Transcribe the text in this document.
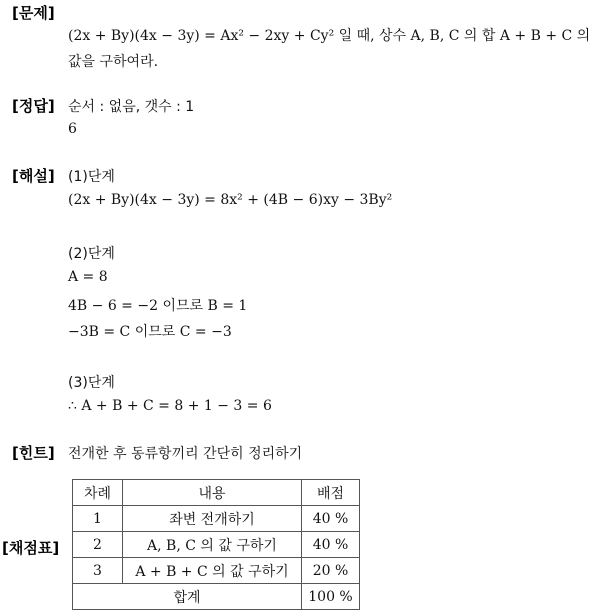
[문제]
(2x + By)(4x − 3y) = Ax² − 2xy + Cy² 일 때, 상수 A, B, C 의 합 A + B + C 의
값을 구하여라.
[정답] 순서 : 없음, 갯수 : 1
6
[해설] (1)단계
(2x + By)(4x − 3y) = 8x² + (4B − 6)xy − 3By²
(2)단계
A = 8
4B − 6 = −2 이므로 B = 1
−3B = C 이므로 C = −3
(3)단계
∴ A + B + C = 8 + 1 − 3 = 6
[힌트] 전개한 후 동류항끼리 간단히 정리하기
[채점표]
차례	내용	배점
1	좌변 전개하기	40 %
2	A, B, C 의 값 구하기	40 %
3	A + B + C 의 값 구하기	20 %
합계		100 %
